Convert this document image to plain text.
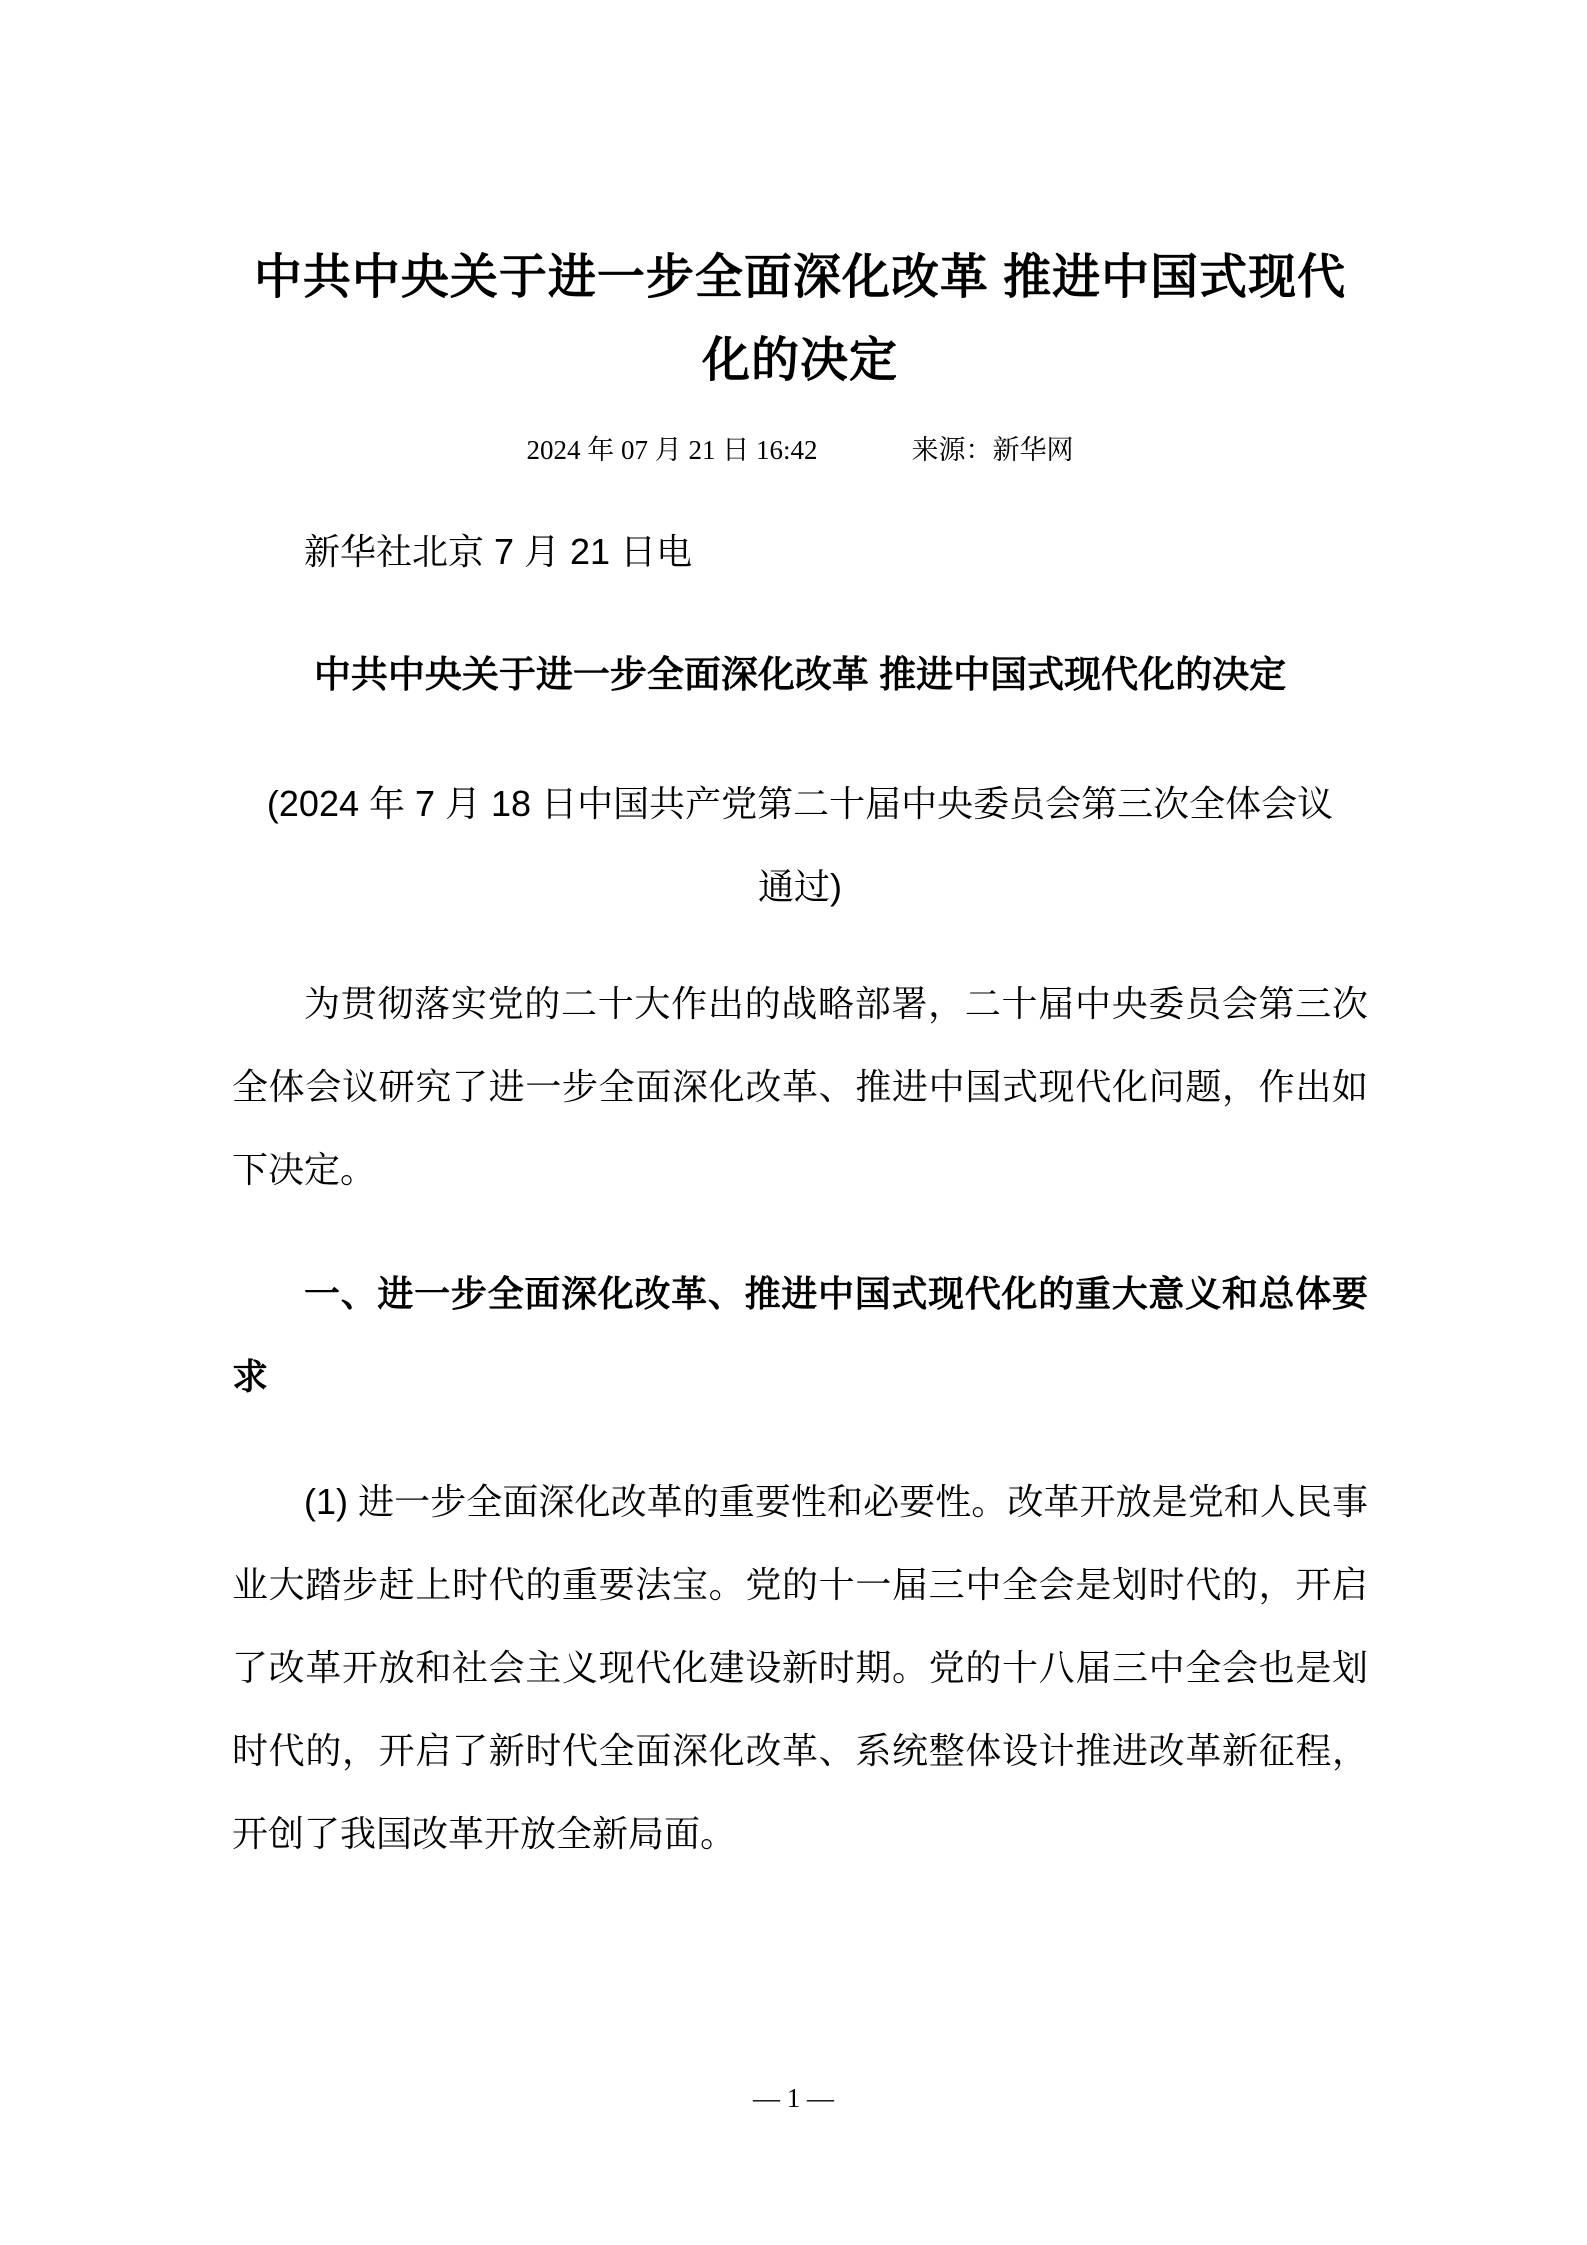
中共中央关于进一步全面深化改革 推进中国式现代
化的决定
2024 年 07 月 21 日 16:42	来源：新华网
新华社北京 7 月 21 日电
中共中央关于进一步全面深化改革 推进中国式现代化的决定
(2024 年 7 月 18 日中国共产党第二十届中央委员会第三次全体会议
通过)
为贯彻落实党的二十大作出的战略部署，二十届中央委员会第三次全体会议研究了进一步全面深化改革、推进中国式现代化问题，作出如下决定。
一、进一步全面深化改革、推进中国式现代化的重大意义和总体要求
(1) 进一步全面深化改革的重要性和必要性。改革开放是党和人民事业大踏步赶上时代的重要法宝。党的十一届三中全会是划时代的，开启了改革开放和社会主义现代化建设新时期。党的十八届三中全会也是划时代的，开启了新时代全面深化改革、系统整体设计推进改革新征程，开创了我国改革开放全新局面。
— 1 —
